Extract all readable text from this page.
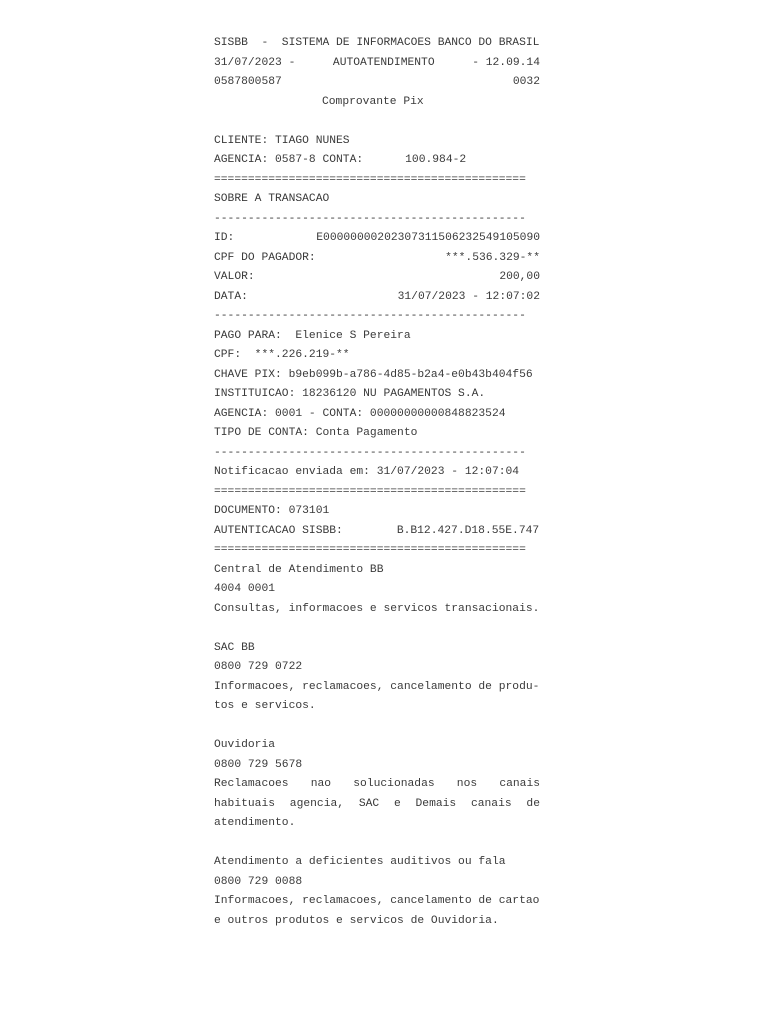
SISBB  -  SISTEMA DE INFORMACOES BANCO DO BRASIL
31/07/2023 -	AUTOATENDIMENTO	- 12.09.14
0587800587	0032
Comprovante Pix
CLIENTE: TIAGO NUNES
AGENCIA: 0587-8 CONTA:	100.984-2
==============================================
SOBRE A TRANSACAO
----------------------------------------------
ID:	E00000000202307311506232549105090
CPF DO PAGADOR:	***.536.329-**
VALOR:	200,00
DATA:	31/07/2023 - 12:07:02
----------------------------------------------
PAGO PARA:  Elenice S Pereira
CPF:  ***.226.219-**
CHAVE PIX: b9eb099b-a786-4d85-b2a4-e0b43b404f56
INSTITUICAO: 18236120 NU PAGAMENTOS S.A.
AGENCIA: 0001 - CONTA: 00000000000848823524
TIPO DE CONTA: Conta Pagamento
----------------------------------------------
Notificacao enviada em: 31/07/2023 - 12:07:04
==============================================
DOCUMENTO: 073101
AUTENTICACAO SISBB:	B.B12.427.D18.55E.747
==============================================
Central de Atendimento BB
4004 0001
Consultas, informacoes e servicos transacionais.
SAC BB
0800 729 0722
Informacoes, reclamacoes, cancelamento de produ-
tos e servicos.
Ouvidoria
0800 729 5678
Reclamacoes nao solucionadas nos canais
habituais agencia, SAC e Demais canais de
atendimento.
Atendimento a deficientes auditivos ou fala
0800 729 0088
Informacoes, reclamacoes, cancelamento de cartao
e outros produtos e servicos de Ouvidoria.
